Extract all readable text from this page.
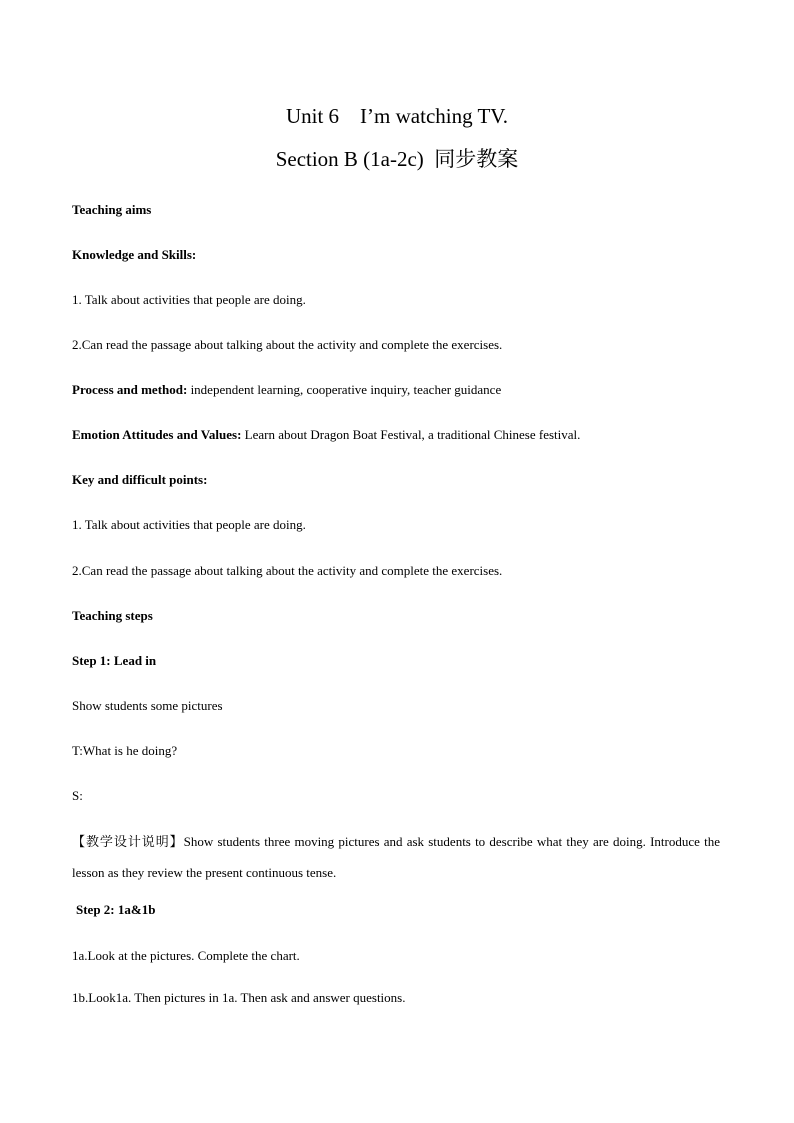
Unit 6    I’m watching TV.
Section B (1a-2c)  同步教案
Teaching aims
Knowledge and Skills:
1. Talk about activities that people are doing.
2.Can read the passage about talking about the activity and complete the exercises.
Process and method: independent learning, cooperative inquiry, teacher guidance
Emotion Attitudes and Values: Learn about Dragon Boat Festival, a traditional Chinese festival.
Key and difficult points:
1. Talk about activities that people are doing.
2.Can read the passage about talking about the activity and complete the exercises.
Teaching steps
Step 1: Lead in
Show students some pictures
T:What is he doing?
S:
【教学设计说明】Show students three moving pictures and ask students to describe what they are doing. Introduce the lesson as they review the present continuous tense.
Step 2: 1a&1b
1a.Look at the pictures. Complete the chart.
1b.Look1a. Then pictures in 1a. Then ask and answer questions.
